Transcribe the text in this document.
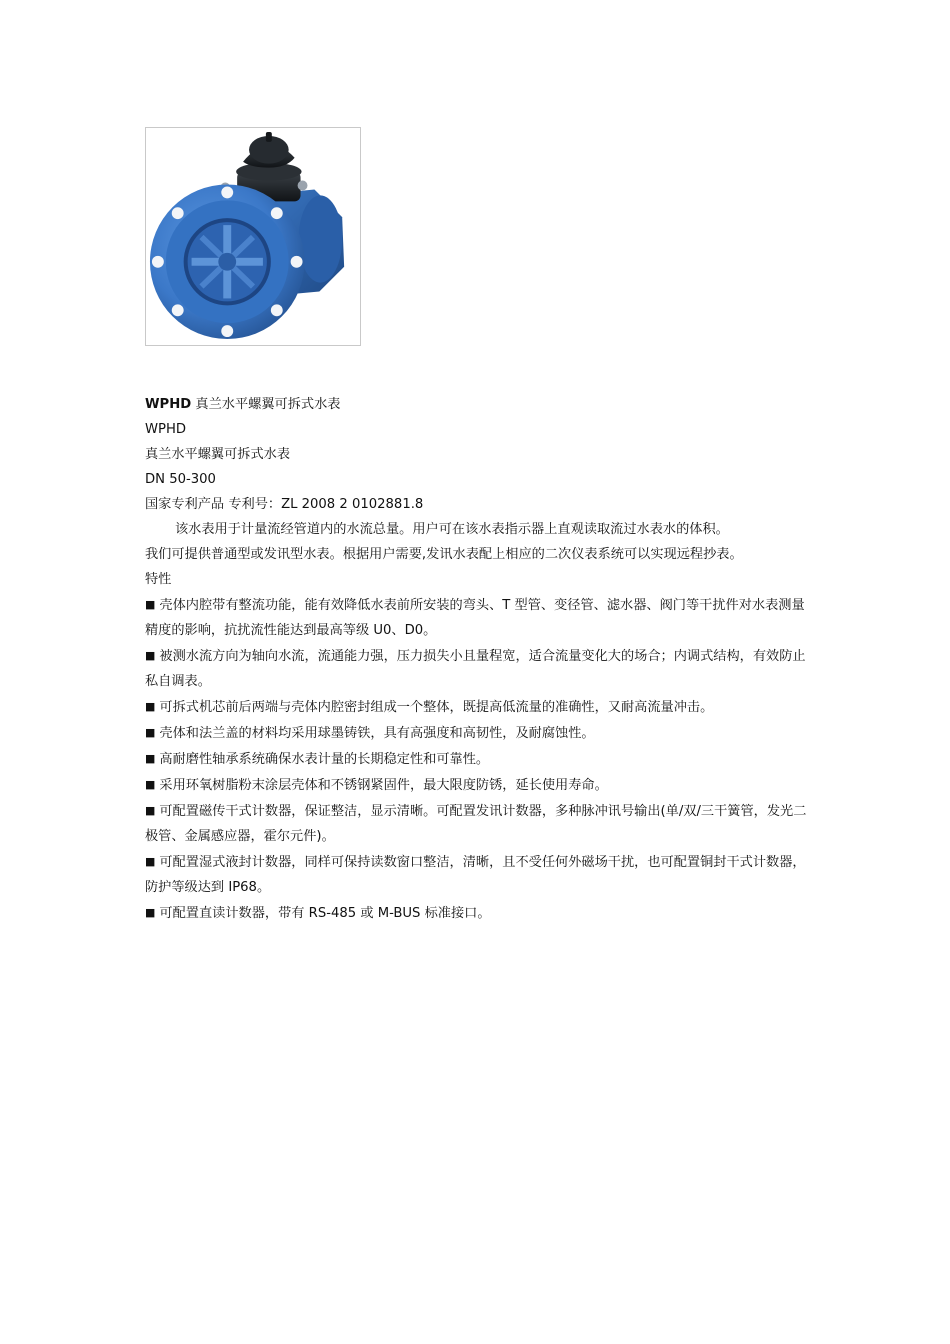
WPHD 真兰水平螺翼可拆式水表
WPHD
真兰水平螺翼可拆式水表
DN 50-300
国家专利产品 专利号：ZL 2008 2 0102881.8
该水表用于计量流经管道内的水流总量。用户可在该水表指示器上直观读取流过水表水的体积。
我们可提供普通型或发讯型水表。根据用户需要,发讯水表配上相应的二次仪表系统可以实现远程抄表。
特性
■ 壳体内腔带有整流功能，能有效降低水表前所安装的弯头、T 型管、变径管、滤水器、阀门等干扰件对水表测量精度的影响，抗扰流性能达到最高等级 U0、D0。
■ 被测水流方向为轴向水流，流通能力强，压力损失小且量程宽，适合流量变化大的场合；内调式结构，有效防止私自调表。
■ 可拆式机芯前后两端与壳体内腔密封组成一个整体，既提高低流量的准确性，又耐高流量冲击。
■ 壳体和法兰盖的材料均采用球墨铸铁，具有高强度和高韧性，及耐腐蚀性。
■ 高耐磨性轴承系统确保水表计量的长期稳定性和可靠性。
■ 采用环氧树脂粉末涂层壳体和不锈钢紧固件，最大限度防锈，延长使用寿命。
■ 可配置磁传干式计数器，保证整洁，显示清晰。可配置发讯计数器，多种脉冲讯号输出(单/双/三干簧管，发光二极管、金属感应器，霍尔元件)。
■ 可配置湿式液封计数器，同样可保持读数窗口整洁，清晰，且不受任何外磁场干扰，也可配置铜封干式计数器，防护等级达到 IP68。
■ 可配置直读计数器，带有 RS-485 或 M-BUS 标准接口。
